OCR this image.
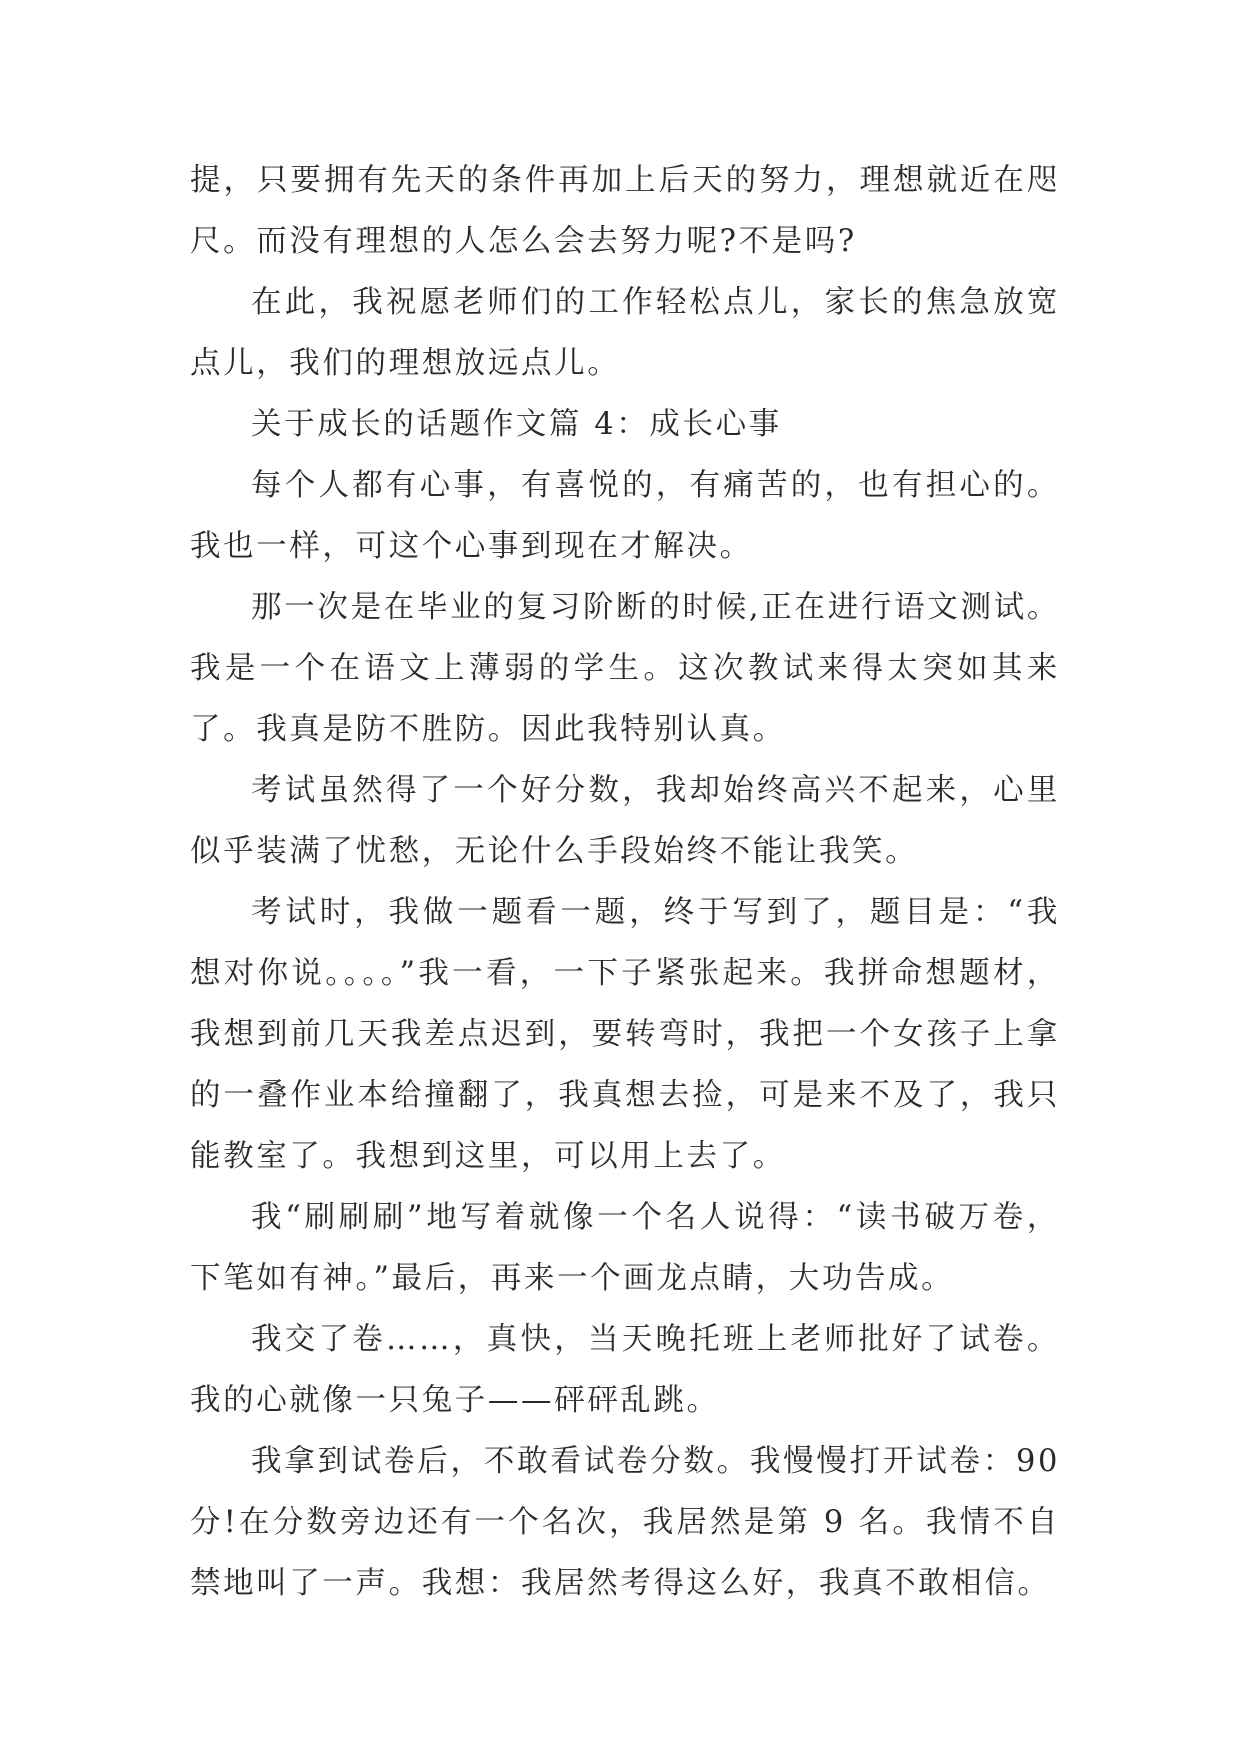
提，只要拥有先天的条件再加上后天的努力，理想就近在咫尺。而没有理想的人怎么会去努力呢?不是吗?

在此，我祝愿老师们的工作轻松点儿，家长的焦急放宽点儿，我们的理想放远点儿。

关于成长的话题作文篇 4：成长心事

每个人都有心事，有喜悦的，有痛苦的，也有担心的。我也一样，可这个心事到现在才解决。

那一次是在毕业的复习阶断的时候,正在进行语文测试。我是一个在语文上薄弱的学生。这次教试来得太突如其来了。我真是防不胜防。因此我特别认真。

考试虽然得了一个好分数，我却始终高兴不起来，心里似乎装满了忧愁，无论什么手段始终不能让我笑。

考试时，我做一题看一题，终于写到了，题目是：“我想对你说。。。。”我一看，一下子紧张起来。我拼命想题材，我想到前几天我差点迟到，要转弯时，我把一个女孩子上拿的一叠作业本给撞翻了，我真想去捡，可是来不及了，我只能教室了。我想到这里，可以用上去了。

我“刷刷刷”地写着就像一个名人说得：“读书破万卷，下笔如有神。”最后，再来一个画龙点睛，大功告成。

我交了卷……，真快，当天晚托班上老师批好了试卷。我的心就像一只兔子——砰砰乱跳。

我拿到试卷后，不敢看试卷分数。我慢慢打开试卷：90分!在分数旁边还有一个名次，我居然是第 9 名。我情不自禁地叫了一声。我想：我居然考得这么好，我真不敢相信。
